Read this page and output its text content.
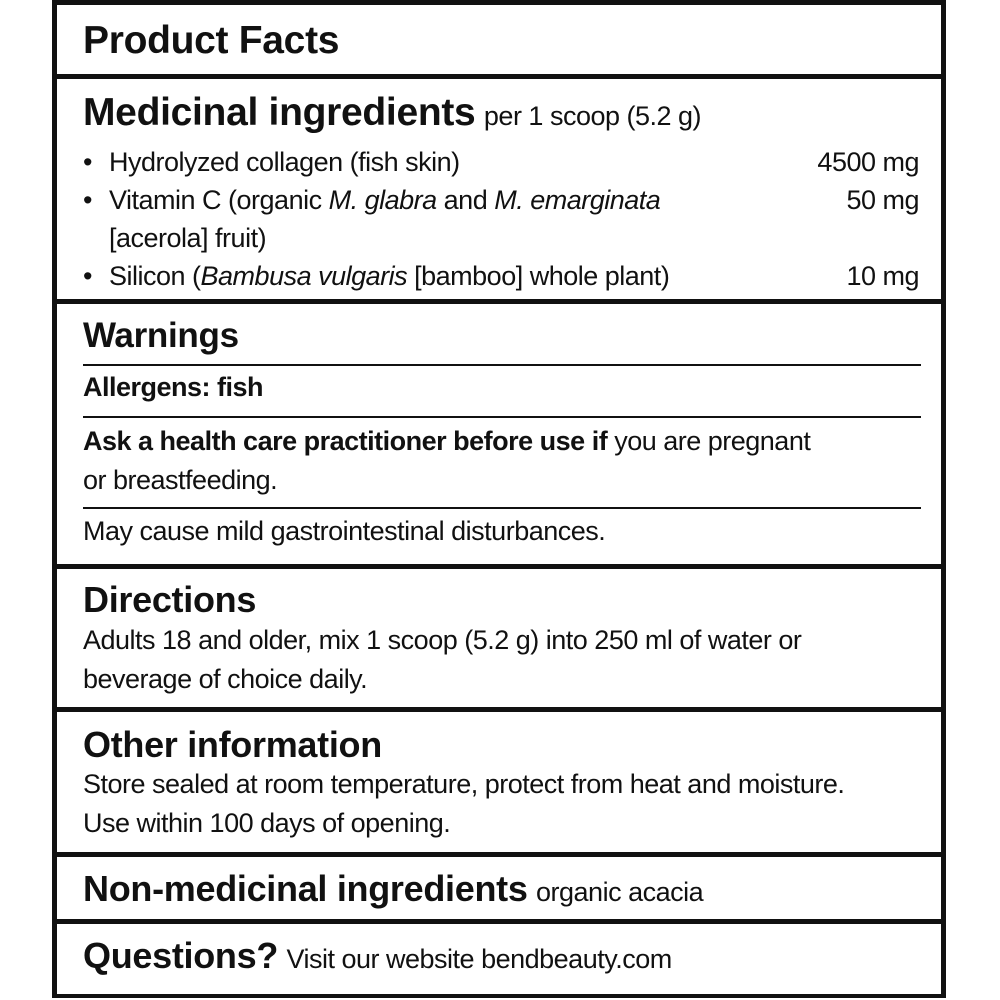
Product Facts
Medicinal ingredients per 1 scoop (5.2 g)
• Hydrolyzed collagen (fish skin)	4500 mg
• Vitamin C (organic M. glabra and M. emarginata
[acerola] fruit)
50 mg
• Silicon (Bambusa vulgaris [bamboo] whole plant)	10 mg
Warnings
Allergens: fish
Ask a health care practitioner before use if you are pregnant
or breastfeeding.
May cause mild gastrointestinal disturbances.
Directions
Adults 18 and older, mix 1 scoop (5.2 g) into 250 ml of water or
beverage of choice daily.
Other information
Store sealed at room temperature, protect from heat and moisture.
Use within 100 days of opening.
Non-medicinal ingredients organic acacia
Questions? Visit our website bendbeauty.com
